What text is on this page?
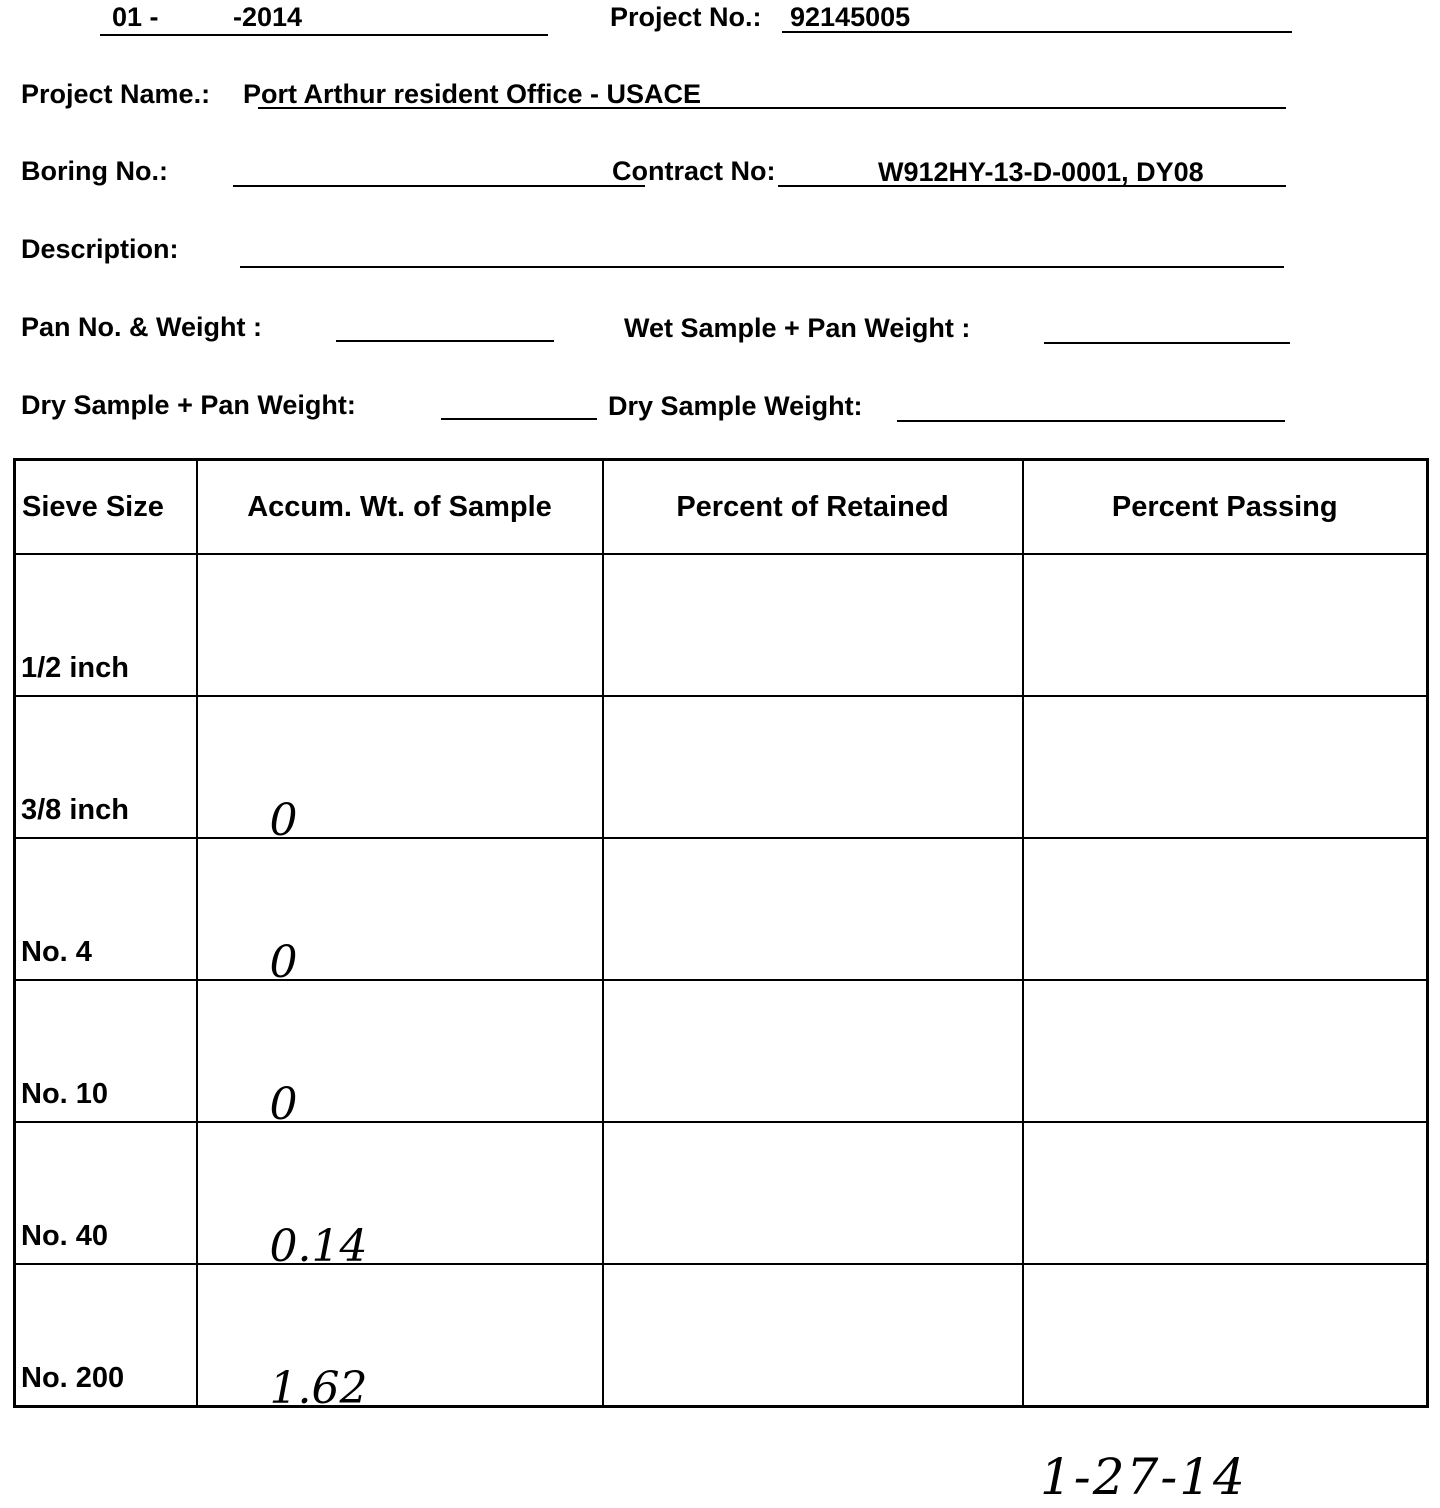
01 -	-2014	Project No.: 92145005
Project Name.: Port Arthur resident Office - USACE
Boring No.:	Contract No:	W912HY-13-D-0001, DY08
Description:
Pan No. & Weight :	Wet Sample + Pan Weight :
Dry Sample + Pan Weight:	Dry Sample Weight:
Sieve Size	Accum. Wt. of Sample	Percent of Retained	Percent Passing
1/2 inch			
3/8 inch	0		
No. 4	0		
No. 10	0		
No. 40	0.14		
No. 200	1.62		
1-27-14
